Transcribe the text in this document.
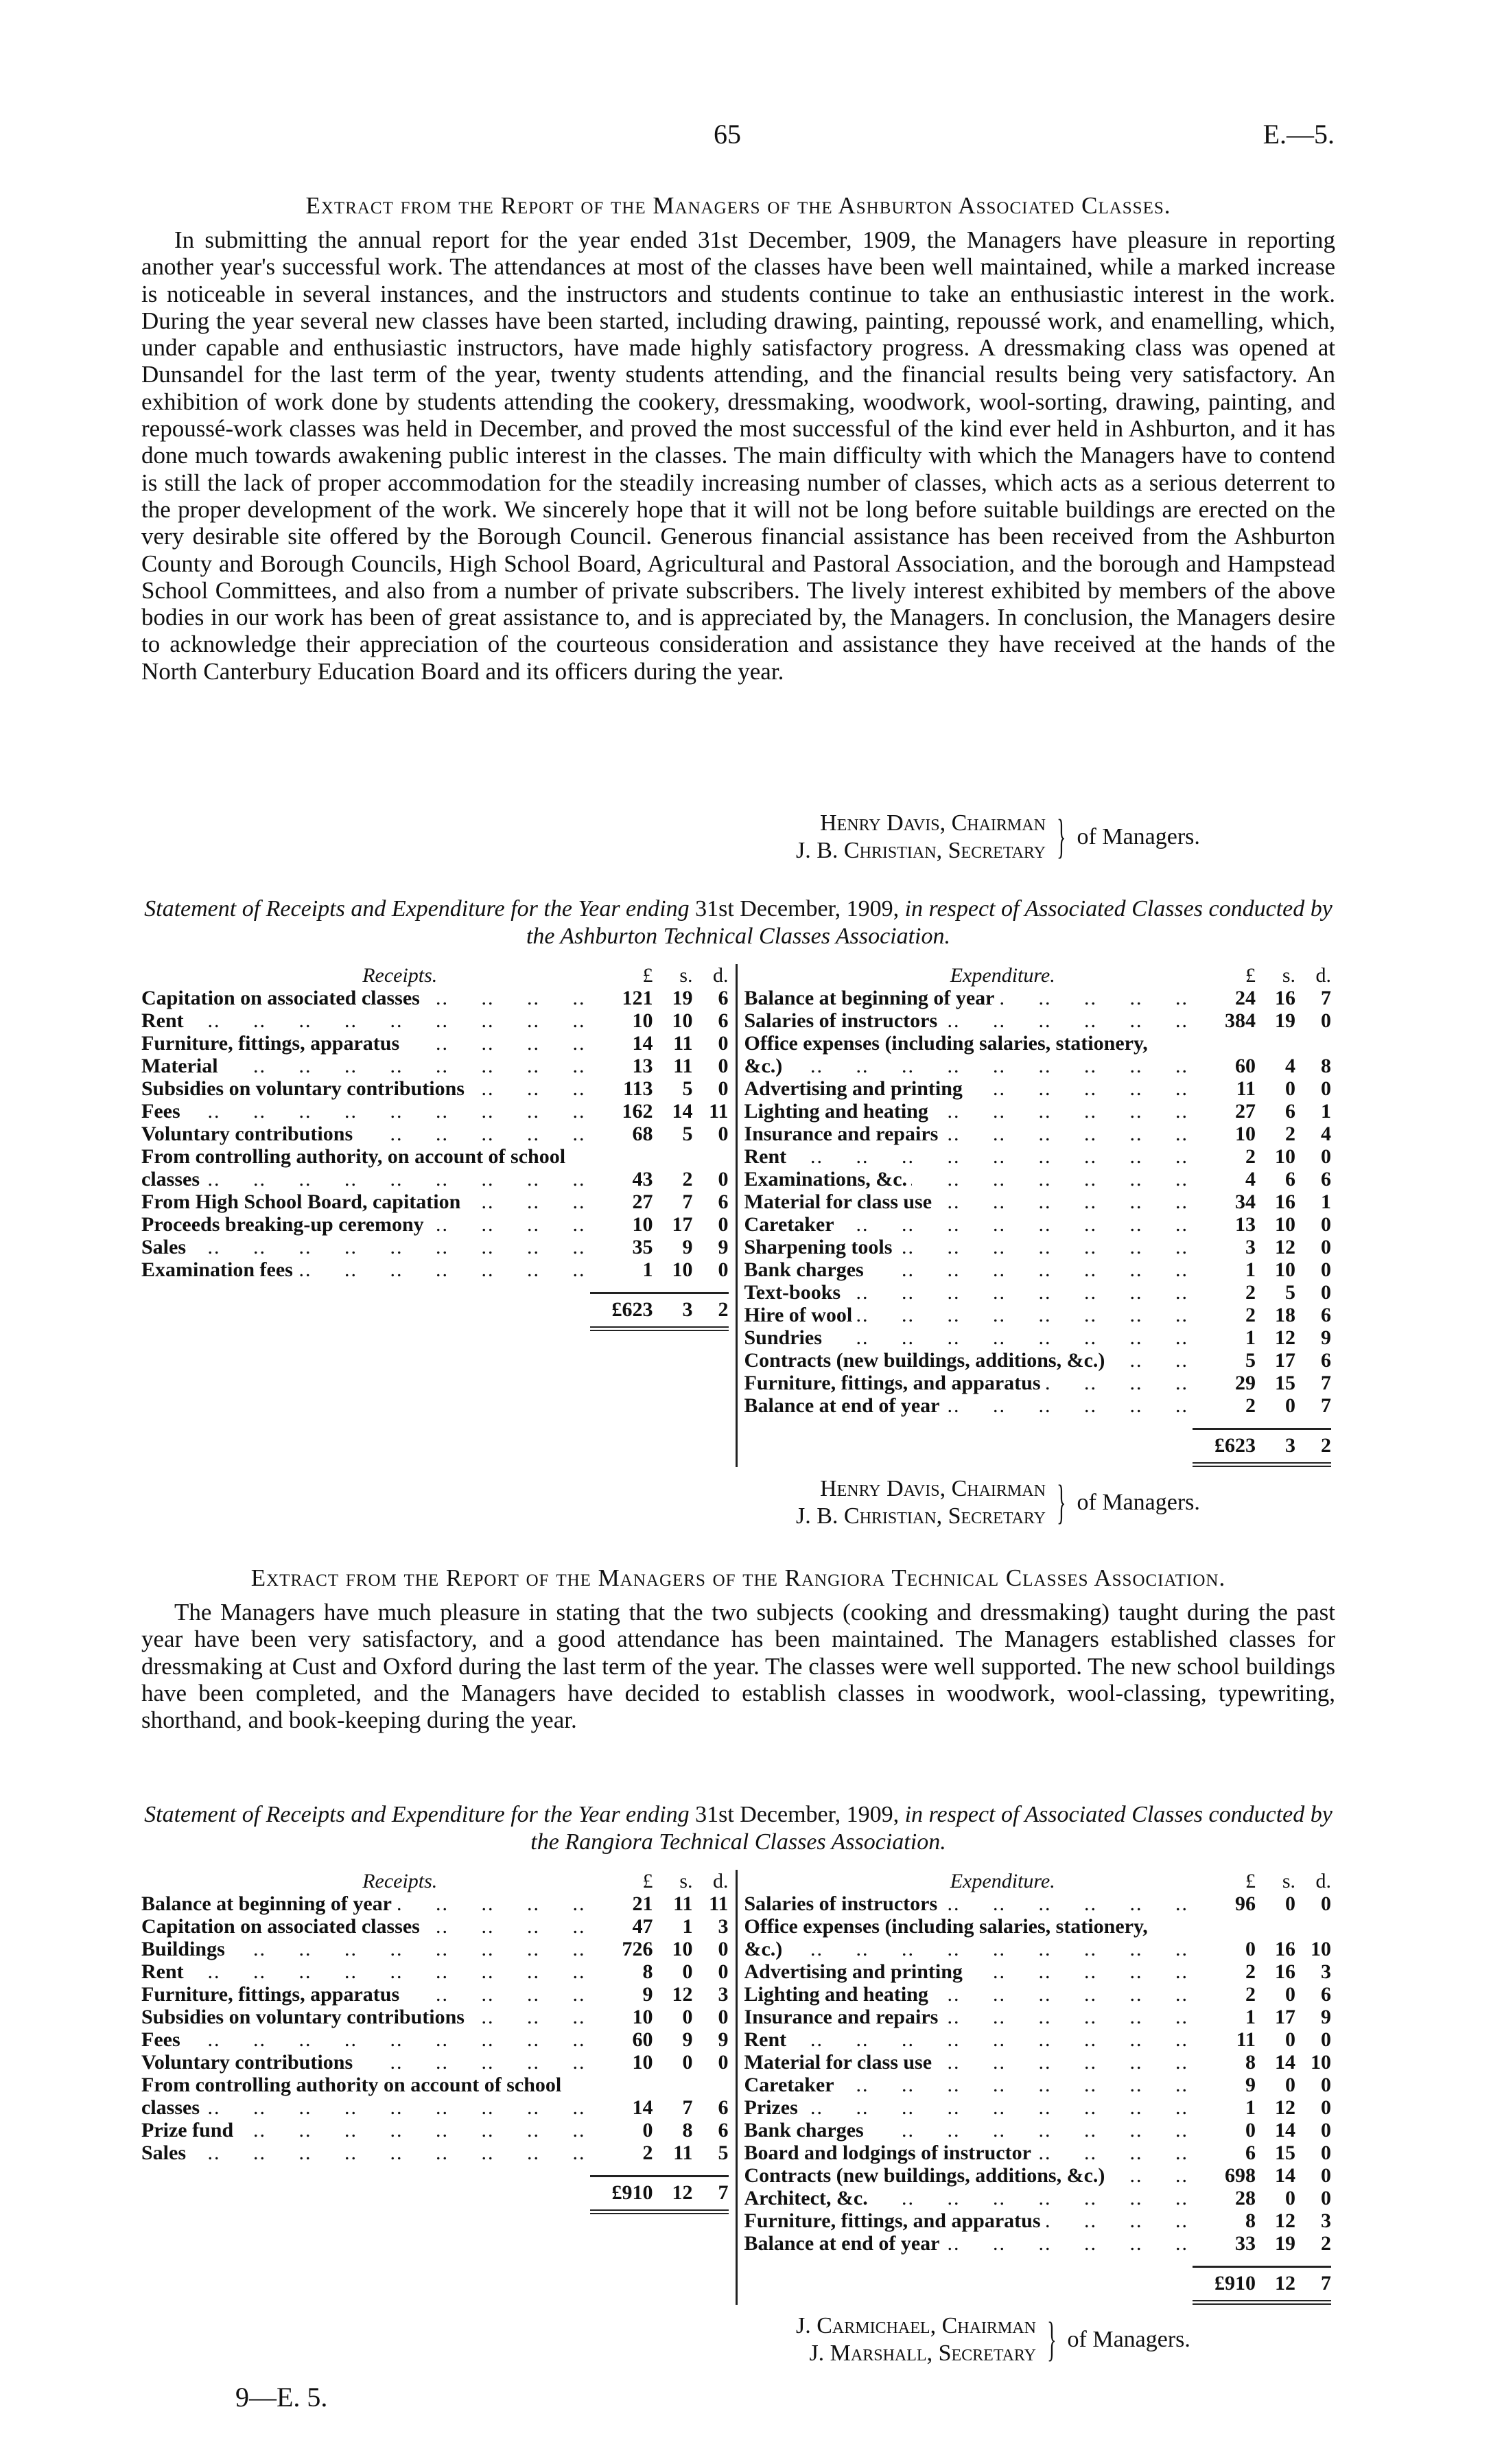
65	E.—5.
Extract from the Report of the Managers of the Ashburton Associated Classes.
In submitting the annual report for the year ended 31st December, 1909, the Managers have pleasure in reporting another year's successful work. The attendances at most of the classes have been well maintained, while a marked increase is noticeable in several instances, and the instructors and students continue to take an enthusiastic interest in the work. During the year several new classes have been started, including drawing, painting, repoussé work, and enamelling, which, under capable and enthusiastic instructors, have made highly satisfactory progress. A dressmaking class was opened at Dunsandel for the last term of the year, twenty students attending, and the financial results being very satisfactory. An exhibition of work done by students attending the cookery, dressmaking, woodwork, wool-sorting, drawing, painting, and repoussé-work classes was held in December, and proved the most successful of the kind ever held in Ashburton, and it has done much towards awakening public interest in the classes. The main difficulty with which the Managers have to contend is still the lack of proper accommodation for the steadily increasing number of classes, which acts as a serious deterrent to the proper development of the work. We sincerely hope that it will not be long before suitable buildings are erected on the very desirable site offered by the Borough Council. Generous financial assistance has been received from the Ashburton County and Borough Councils, High School Board, Agricultural and Pastoral Association, and the borough and Hampstead School Committees, and also from a number of private subscribers. The lively interest exhibited by members of the above bodies in our work has been of great assistance to, and is appreciated by, the Managers. In conclusion, the Managers desire to acknowledge their appreciation of the courteous consideration and assistance they have received at the hands of the North Canterbury Education Board and its officers during the year.
Henry Davis, Chairman
J. B. Christian, Secretary } of Managers.
Statement of Receipts and Expenditure for the Year ending 31st December, 1909, in respect of Associated Classes conducted by the Ashburton Technical Classes Association.
Receipts.	£	s. d.
Capitation on associated classes ..	121 19	6
Rent ..	10 10	6
Furniture, fittings, apparatus ..	14 11	0
Material ..	13 11	0
Subsidies on voluntary contributions ..	113	5	0
Fees ..	162 14 11
Voluntary contributions ..	68	5	0
From controlling authority, on account of school classes ..	43	2	0
From High School Board, capitation ..	27	7	6
Proceeds breaking-up ceremony ..	10 17	0
Sales ..	35	9	9
Examination fees ..	1 10	0
£623	3	2
Expenditure.	£	s. d.
Balance at beginning of year ..	24 16	7
Salaries of instructors ..	384 19	0
Office expenses (including salaries, stationery, &c.) ..	60	4	8
Advertising and printing ..	11	0	0
Lighting and heating ..	27	6	1
Insurance and repairs ..	10	2	4
Rent ..	2 10	0
Examinations, &c. ..	4	6	6
Material for class use ..	34 16	1
Caretaker ..	13 10	0
Sharpening tools ..	3 12	0
Bank charges ..	1 10	0
Text-books ..	2	5	0
Hire of wool ..	2 18	6
Sundries ..	1 12	9
Contracts (new buildings, additions, &c.) ..	5 17	6
Furniture, fittings, and apparatus ..	29 15	7
Balance at end of year ..	2	0	7
£623	3	2
Henry Davis, Chairman
J. B. Christian, Secretary } of Managers.
Extract from the Report of the Managers of the Rangiora Technical Classes Association.
The Managers have much pleasure in stating that the two subjects (cooking and dressmaking) taught during the past year have been very satisfactory, and a good attendance has been maintained. The Managers established classes for dressmaking at Cust and Oxford during the last term of the year. The classes were well supported. The new school buildings have been completed, and the Managers have decided to establish classes in woodwork, wool-classing, typewriting, shorthand, and book-keeping during the year.
Statement of Receipts and Expenditure for the Year ending 31st December, 1909, in respect of Associated Classes conducted by the Rangiora Technical Classes Association.
Receipts.	£	s. d.
Balance at beginning of year ..	21 11 11
Capitation on associated classes ..	47	1	3
Buildings ..	726 10	0
Rent ..	8	0	0
Furniture, fittings, apparatus ..	9 12	3
Subsidies on voluntary contributions ..	10	0	0
Fees ..	60	9	9
Voluntary contributions ..	10	0	0
From controlling authority on account of school classes ..	14	7	6
Prize fund ..	0	8	6
Sales ..	2 11	5
£910 12	7
Expenditure.	£	s. d.
Salaries of instructors ..	96	0	0
Office expenses (including salaries, stationery, &c.) ..	0 16 10
Advertising and printing ..	2 16	3
Lighting and heating ..	2	0	6
Insurance and repairs ..	1 17	9
Rent ..	11	0	0
Material for class use ..	8 14 10
Caretaker ..	9	0	0
Prizes ..	1 12	0
Bank charges ..	0 14	0
Board and lodgings of instructor ..	6 15	0
Contracts (new buildings, additions, &c.) ..	698 14	0
Architect, &c. ..	28	0	0
Furniture, fittings, and apparatus ..	8 12	3
Balance at end of year ..	33 19	2
£910 12	7
J. Carmichael, Chairman
J. Marshall, Secretary } of Managers.
9—E. 5.
